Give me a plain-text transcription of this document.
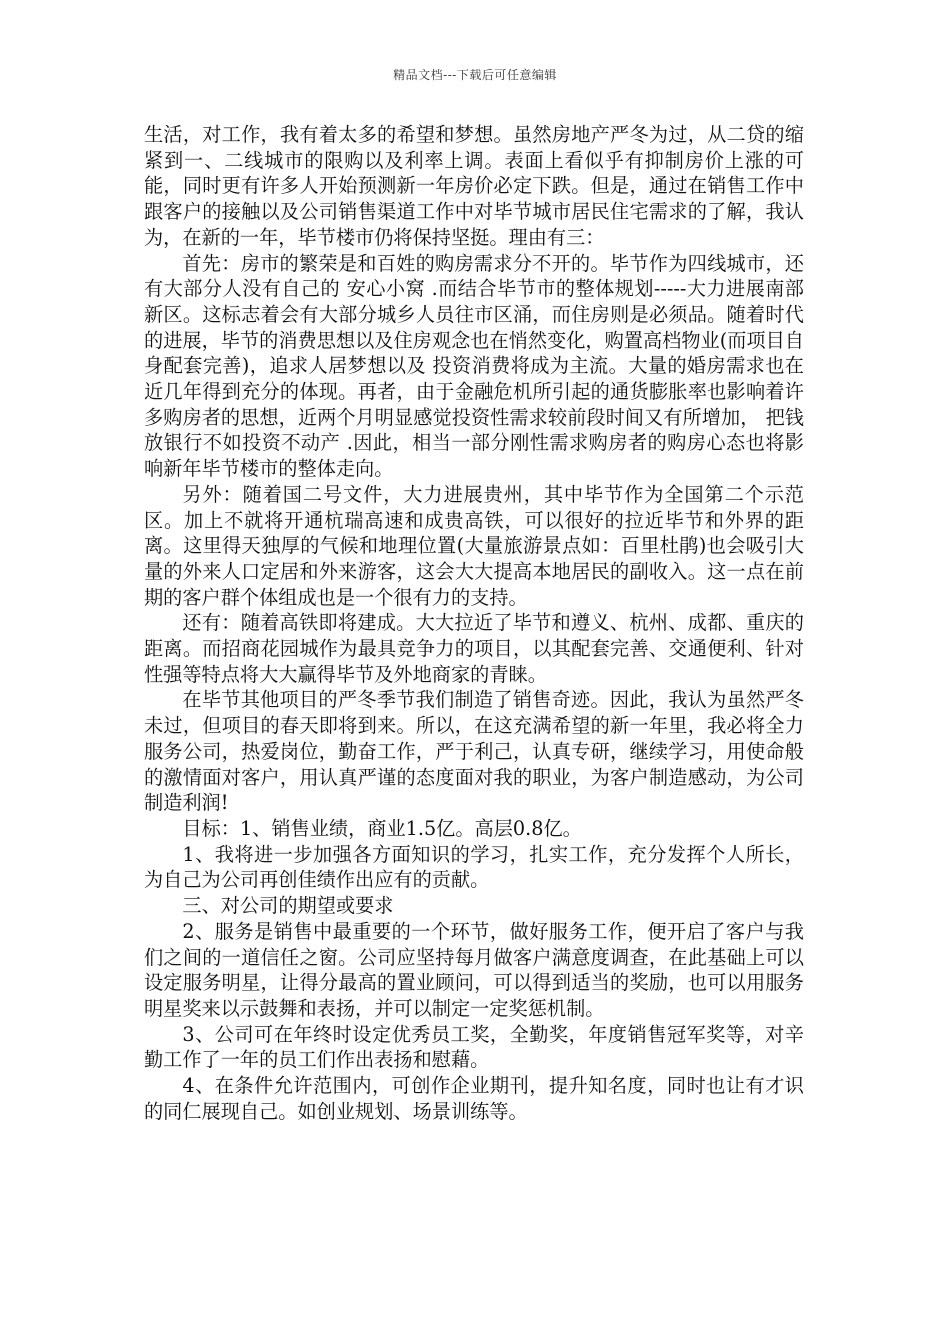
精品文档---下载后可任意编辑

生活，对工作，我有着太多的希望和梦想。虽然房地产严冬为过，从二贷的缩紧到一、二线城市的限购以及利率上调。表面上看似乎有抑制房价上涨的可能，同时更有许多人开始预测新一年房价必定下跌。但是，通过在销售工作中跟客户的接触以及公司销售渠道工作中对毕节城市居民住宅需求的了解，我认为，在新的一年，毕节楼市仍将保持坚挺。理由有三：

首先：房市的繁荣是和百姓的购房需求分不开的。毕节作为四线城市，还有大部分人没有自己的 安心小窝 .而结合毕节市的整体规划-----大力进展南部新区。这标志着会有大部分城乡人员往市区涌，而住房则是必须品。随着时代的进展，毕节的消费思想以及住房观念也在悄然变化，购置高档物业(而项目自身配套完善)，追求人居梦想以及 投资消费将成为主流。大量的婚房需求也在近几年得到充分的体现。再者，由于金融危机所引起的通货膨胀率也影响着许多购房者的思想，近两个月明显感觉投资性需求较前段时间又有所增加， 把钱放银行不如投资不动产 .因此，相当一部分刚性需求购房者的购房心态也将影响新年毕节楼市的整体走向。

另外：随着国二号文件，大力进展贵州，其中毕节作为全国第二个示范区。加上不就将开通杭瑞高速和成贵高铁，可以很好的拉近毕节和外界的距离。这里得天独厚的气候和地理位置(大量旅游景点如：百里杜鹃)也会吸引大量的外来人口定居和外来游客，这会大大提高本地居民的副收入。这一点在前期的客户群个体组成也是一个很有力的支持。

还有：随着高铁即将建成。大大拉近了毕节和遵义、杭州、成都、重庆的距离。而招商花园城作为最具竞争力的项目，以其配套完善、交通便利、针对性强等特点将大大赢得毕节及外地商家的青睐。

在毕节其他项目的严冬季节我们制造了销售奇迹。因此，我认为虽然严冬未过，但项目的春天即将到来。所以，在这充满希望的新一年里，我必将全力服务公司，热爱岗位，勤奋工作，严于利己，认真专研，继续学习，用使命般的激情面对客户，用认真严谨的态度面对我的职业，为客户制造感动，为公司制造利润!

目标：1、销售业绩，商业1.5亿。高层0.8亿。

1、我将进一步加强各方面知识的学习，扎实工作，充分发挥个人所长，为自己为公司再创佳绩作出应有的贡献。

三、对公司的期望或要求

2、服务是销售中最重要的一个环节，做好服务工作，便开启了客户与我们之间的一道信任之窗。公司应坚持每月做客户满意度调查，在此基础上可以设定服务明星，让得分最高的置业顾问，可以得到适当的奖励，也可以用服务明星奖来以示鼓舞和表扬，并可以制定一定奖惩机制。

3、公司可在年终时设定优秀员工奖，全勤奖，年度销售冠军奖等，对辛勤工作了一年的员工们作出表扬和慰藉。

4、在条件允许范围内，可创作企业期刊，提升知名度，同时也让有才识的同仁展现自己。如创业规划、场景训练等。
